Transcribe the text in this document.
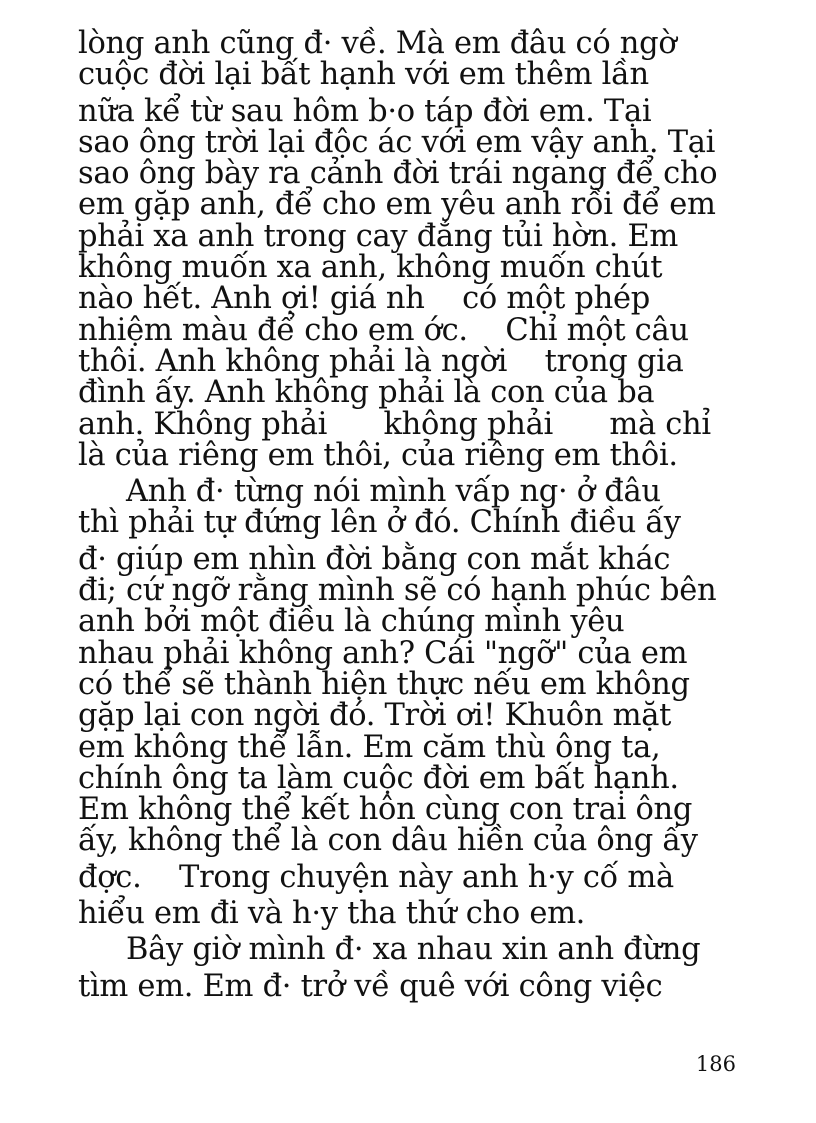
lòng anh cũng đ· về. Mà em đâu có ngờ
cuộc đời lại bất hạnh với em thêm lần
nữa kể từ sau hôm b·o táp đời em. Tại
sao ông trời lại độc ác với em vậy anh. Tại
sao ông bày ra cảnh đời trái ngang để cho
em gặp anh, để cho em yêu anh rồi để em
phải xa anh trong cay đắng tủi hờn. Em
không muốn xa anh, không muốn chút
nào hết. Anh ợi! giá nh    có một phép
nhiệm màu để cho em ớc.    Chỉ một câu
thôi. Anh không phải là ngời    trong gia
đình ấy. Anh không phải là con của ba
anh. Không phải      không phải      mà chỉ
là của riêng em thôi, của riêng em thôi.
Anh đ· từng nói mình vấp ng· ở đâu
thì phải tự đứng lên ở đó. Chính điều ấy
đ· giúp em nhìn đời bằng con mắt khác
đi; cứ ngỡ rằng mình sẽ có hạnh phúc bên
anh bởi một điều là chúng mình yêu
nhau phải không anh? Cái "ngỡ" của em
có thể sẽ thành hiện thực nếu em không
gặp lại con ngời đó. Trời ơi! Khuôn mặt
em không thể lẫn. Em căm thù ông ta,
chính ông ta làm cuộc đời em bất hạnh.
Em không thể kết hôn cùng con trai ông
ấy, không thể là con dâu hiền của ông ấy
đợc.    Trong chuyện này anh h·y cố mà
hiểu em đi và h·y tha thứ cho em.
Bây giờ mình đ· xa nhau xin anh đừng
tìm em. Em đ· trở về quê với công việc
186
